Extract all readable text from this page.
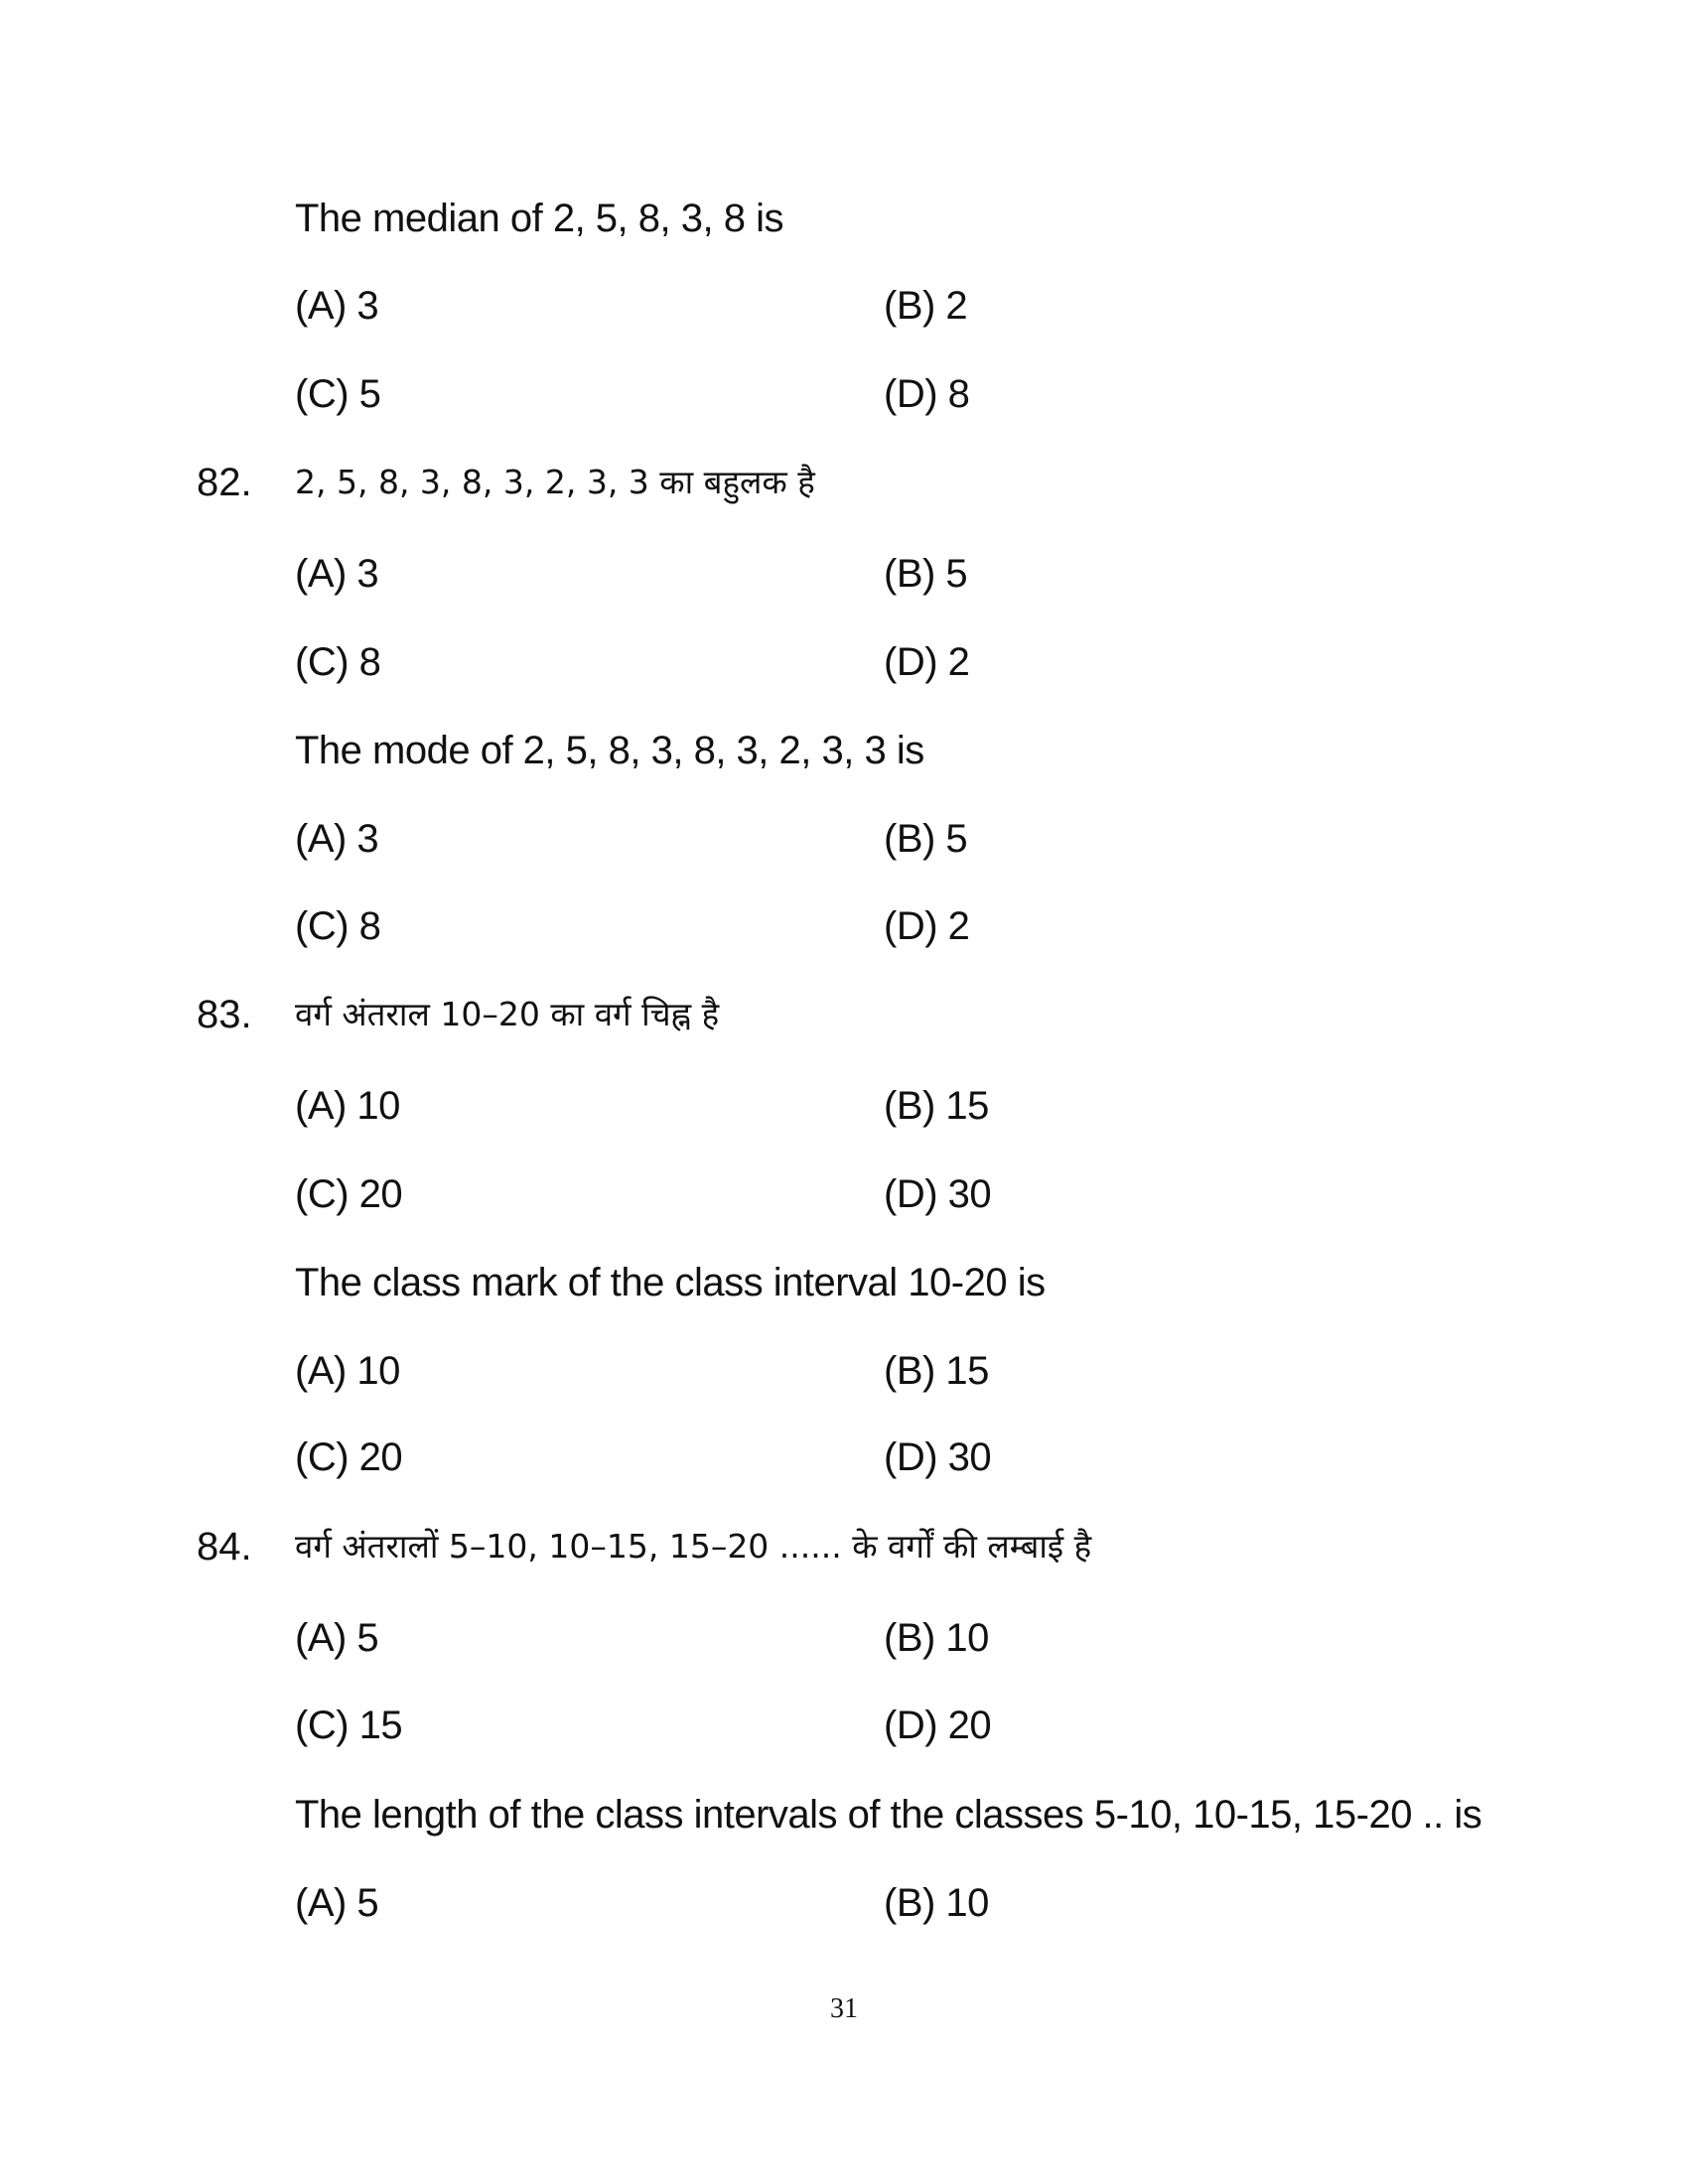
The median of 2, 5, 8, 3, 8 is
(A) 3	(B) 2
(C) 5	(D) 8
82. 2, 5, 8, 3, 8, 3, 2, 3, 3 का बहुलक है
(A) 3	(B) 5
(C) 8	(D) 2
The mode of 2, 5, 8, 3, 8, 3, 2, 3, 3 is
(A) 3	(B) 5
(C) 8	(D) 2
83. वर्ग अंतराल 10–20 का वर्ग चिह्न है
(A) 10	(B) 15
(C) 20	(D) 30
The class mark of the class interval 10-20 is
(A) 10	(B) 15
(C) 20	(D) 30
84. वर्ग अंतरालों 5–10, 10–15, 15–20 ...... के वर्गों की लम्बाई है
(A) 5	(B) 10
(C) 15	(D) 20
The length of the class intervals of the classes 5-10, 10-15, 15-20 .. is
(A) 5	(B) 10
31
